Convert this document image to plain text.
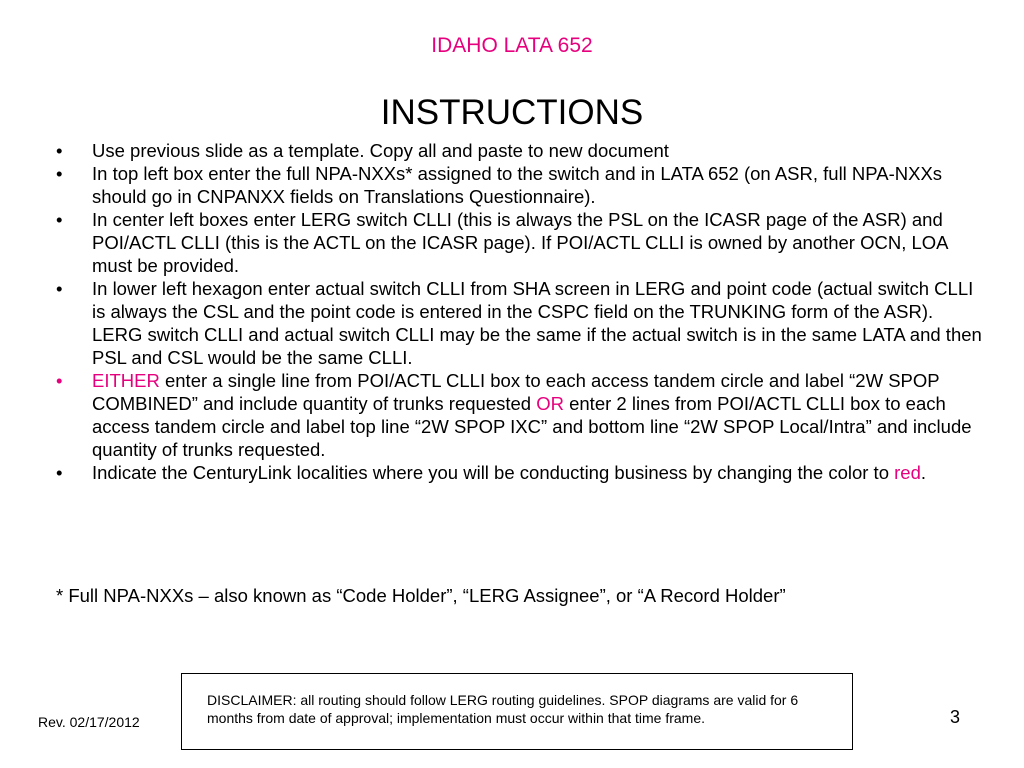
IDAHO LATA 652
INSTRUCTIONS
• Use previous slide as a template. Copy all and paste to new document
• In top left box enter the full NPA-NXXs* assigned to the switch and in LATA 652 (on ASR, full NPA-NXXs should go in CNPANXX fields on Translations Questionnaire).
• In center left boxes enter LERG switch CLLI (this is always the PSL on the ICASR page of the ASR) and POI/ACTL CLLI (this is the ACTL on the ICASR page). If POI/ACTL CLLI is owned by another OCN, LOA must be provided.
• In lower left hexagon enter actual switch CLLI from SHA screen in LERG and point code (actual switch CLLI is always the CSL and the point code is entered in the CSPC field on the TRUNKING form of the ASR). LERG switch CLLI and actual switch CLLI may be the same if the actual switch is in the same LATA and then PSL and CSL would be the same CLLI.
• EITHER enter a single line from POI/ACTL CLLI box to each access tandem circle and label “2W SPOP COMBINED” and include quantity of trunks requested OR enter 2 lines from POI/ACTL CLLI box to each access tandem circle and label top line “2W SPOP IXC” and bottom line “2W SPOP Local/Intra” and include quantity of trunks requested.
• Indicate the CenturyLink localities where you will be conducting business by changing the color to red.
* Full NPA-NXXs – also known as “Code Holder”, “LERG Assignee”, or “A Record Holder”
DISCLAIMER: all routing should follow LERG routing guidelines. SPOP diagrams are valid for 6 months from date of approval; implementation must occur within that time frame.
Rev. 02/17/2012	3
